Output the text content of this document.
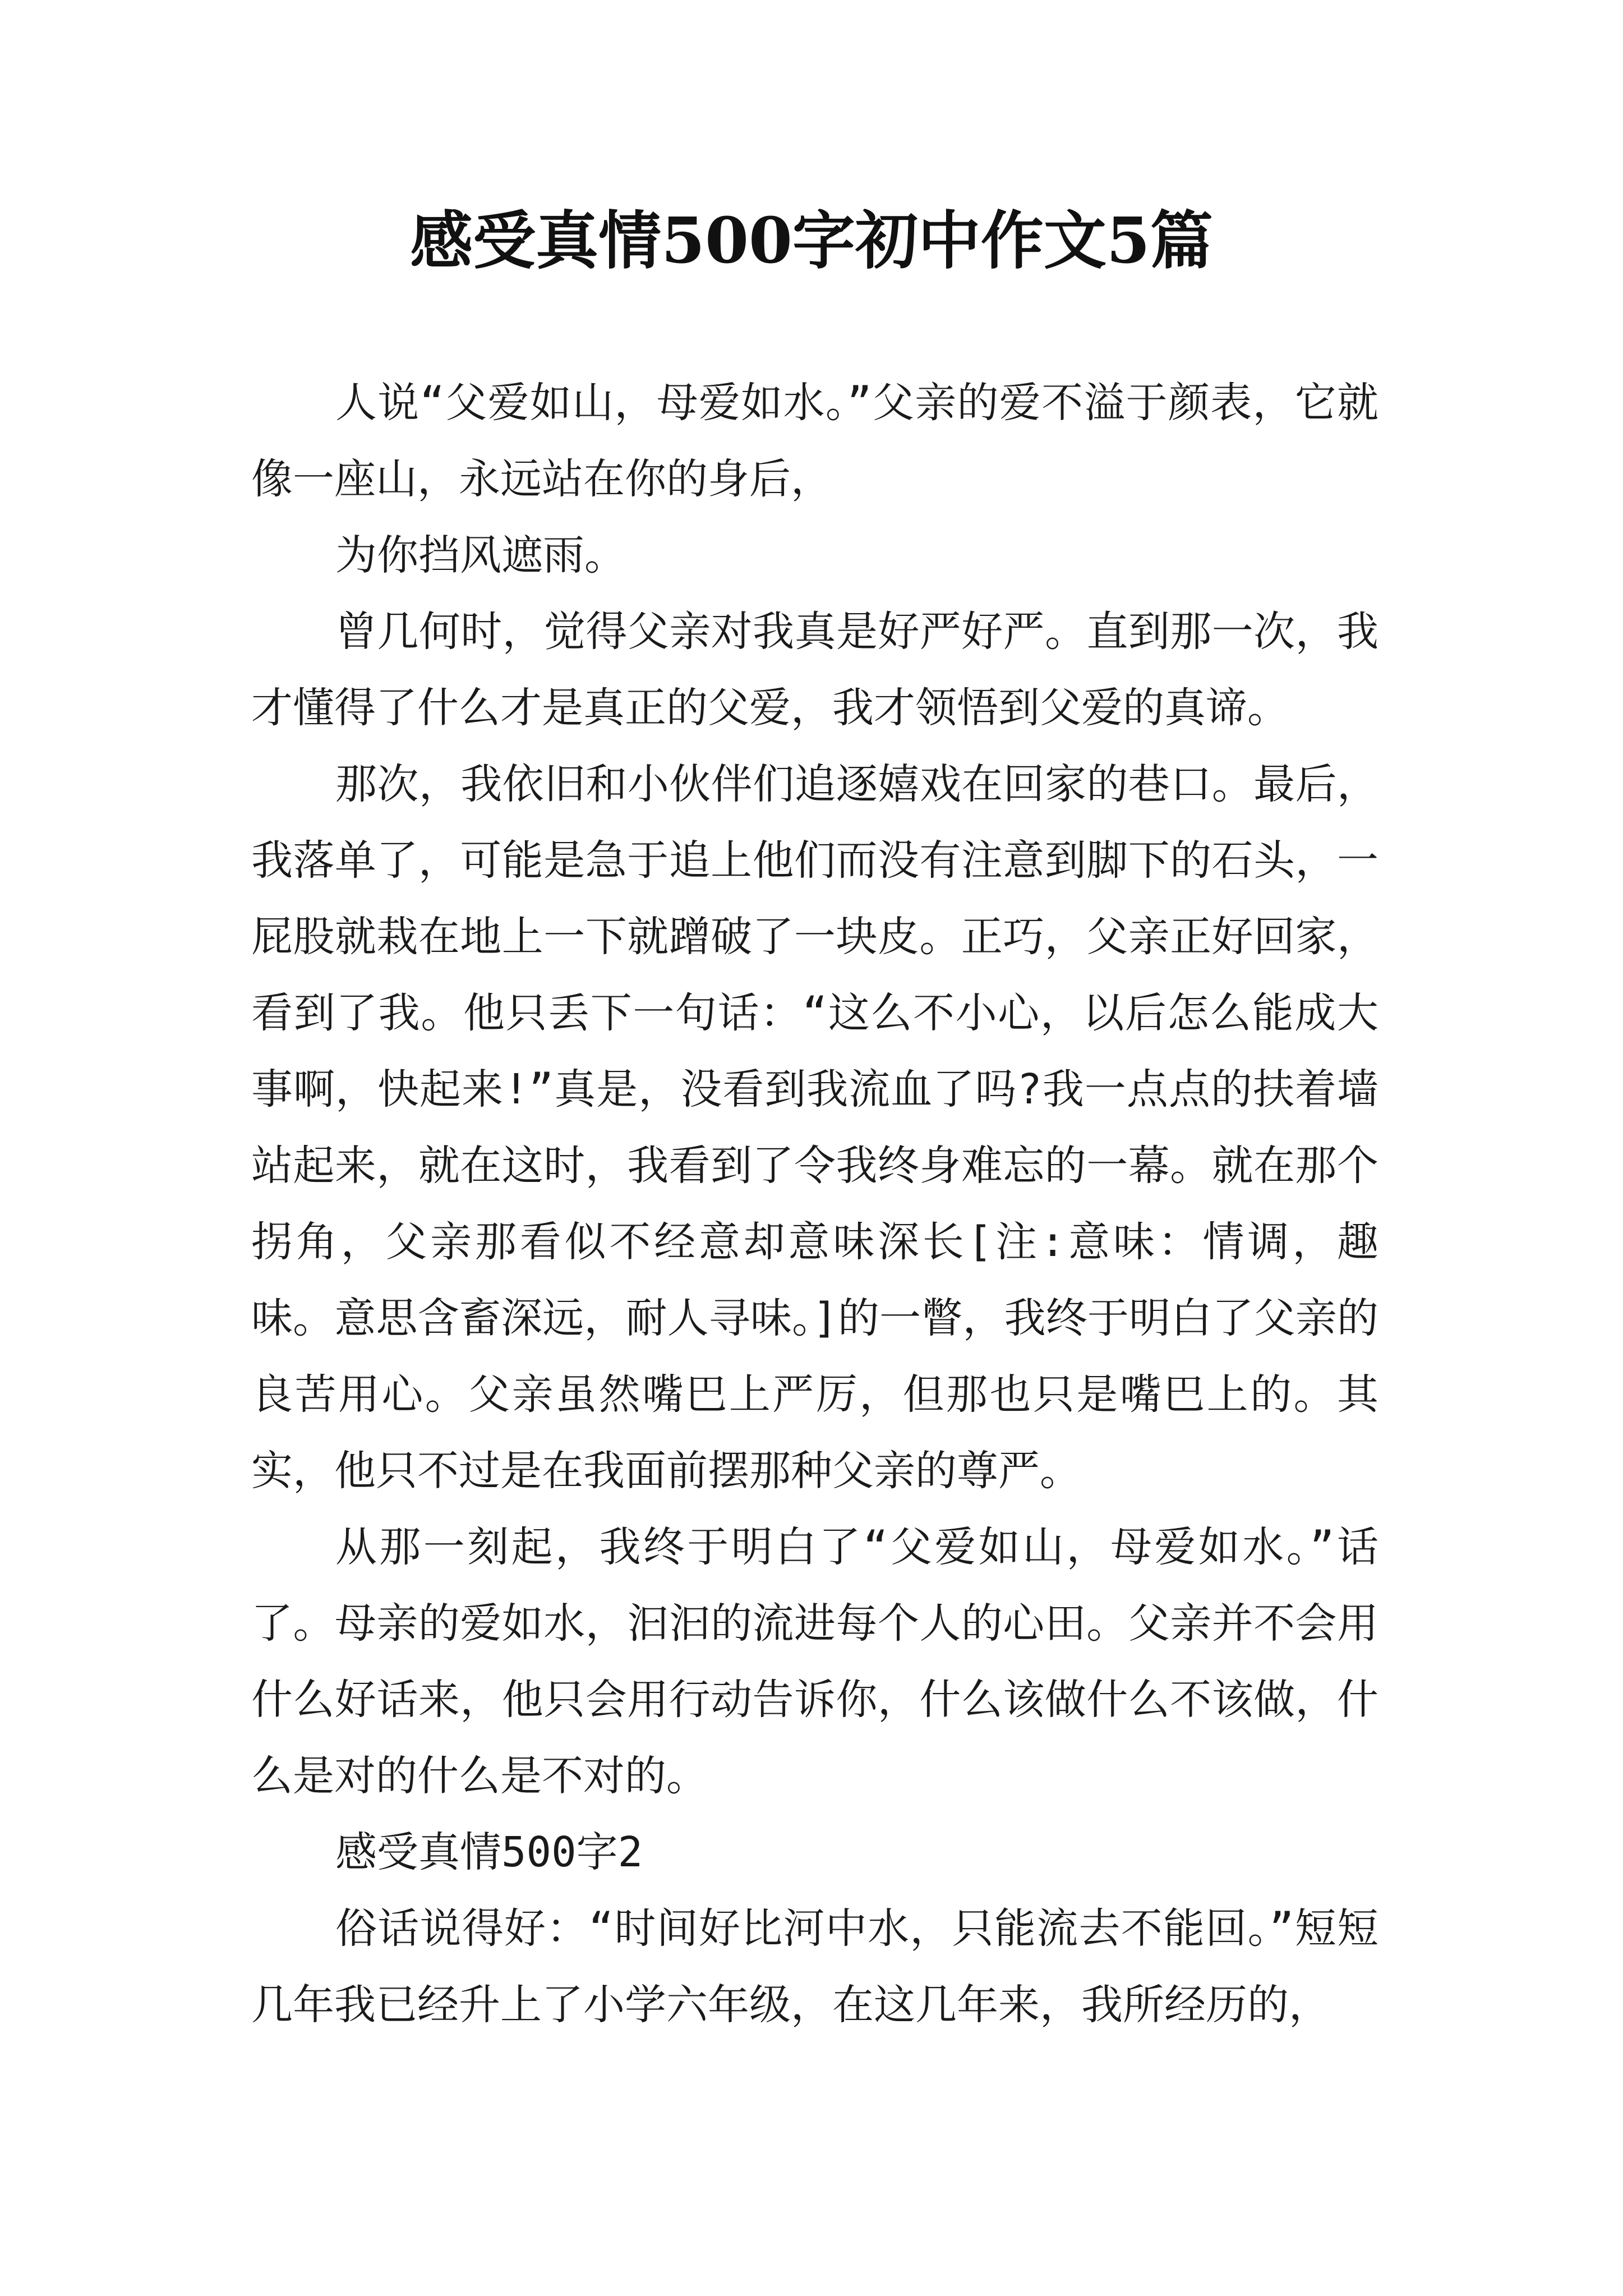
感受真情500字初中作文5篇

人说“父爱如山，母爱如水。”父亲的爱不溢于颜表，它就像一座山，永远站在你的身后，

为你挡风遮雨。

曾几何时，觉得父亲对我真是好严好严。直到那一次，我才懂得了什么才是真正的父爱，我才领悟到父爱的真谛。

那次，我依旧和小伙伴们追逐嬉戏在回家的巷口。最后，我落单了，可能是急于追上他们而没有注意到脚下的石头，一屁股就栽在地上一下就蹭破了一块皮。正巧，父亲正好回家，看到了我。他只丢下一句话：“这么不小心，以后怎么能成大事啊，快起来!”真是，没看到我流血了吗?我一点点的扶着墙站起来，就在这时，我看到了令我终身难忘的一幕。就在那个拐角，父亲那看似不经意却意味深长[注:意味：情调，趣味。意思含畜深远，耐人寻味。]的一瞥，我终于明白了父亲的良苦用心。父亲虽然嘴巴上严厉，但那也只是嘴巴上的。其实，他只不过是在我面前摆那种父亲的尊严。

从那一刻起，我终于明白了“父爱如山，母爱如水。”话了。母亲的爱如水，汩汩的流进每个人的心田。父亲并不会用什么好话来，他只会用行动告诉你，什么该做什么不该做，什么是对的什么是不对的。

感受真情500字2

俗话说得好：“时间好比河中水，只能流去不能回。”短短几年我已经升上了小学六年级，在这几年来，我所经历的，
